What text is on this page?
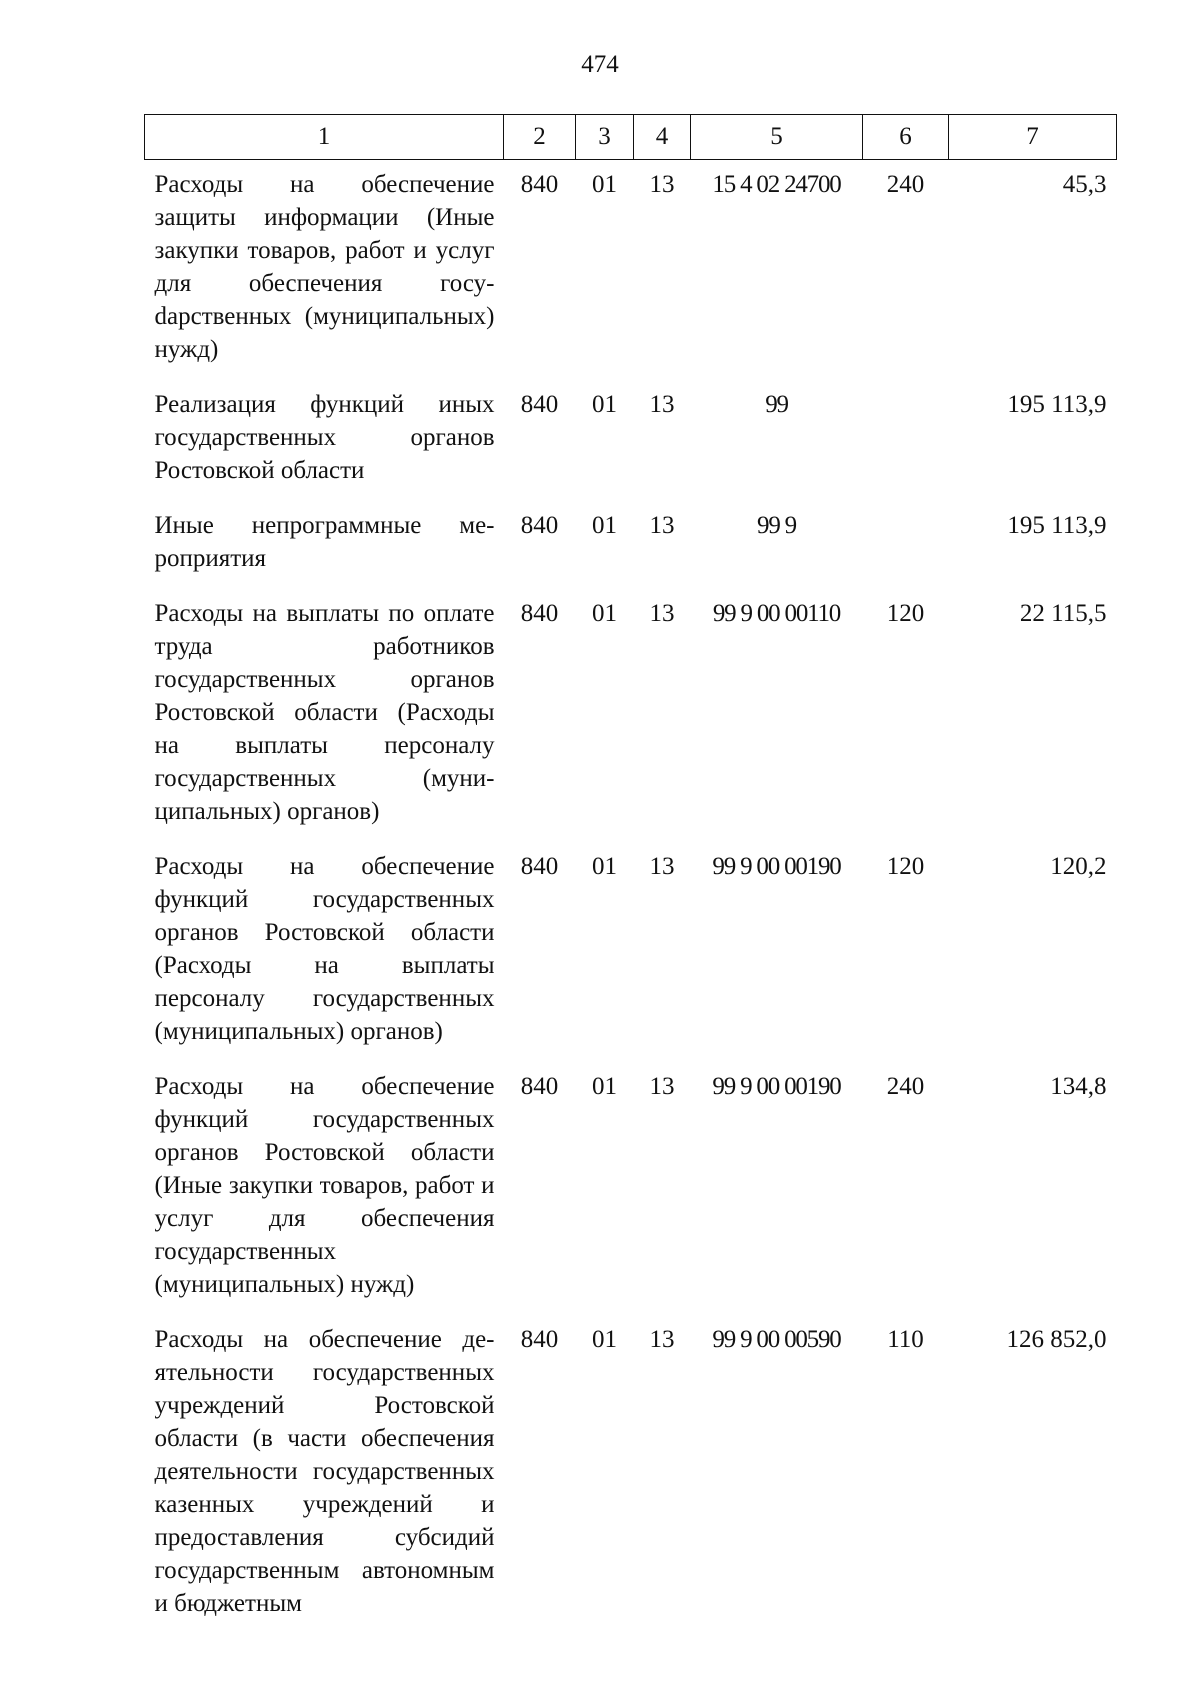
474
1	2	3	4	5	6	7
Расходы на обеспечение защиты информации (Иные закупки товаров, работ и услуг для обеспечения госуdарственных (муниципальных) нужд)	840	01	13	15 4 02 24700	240	45,3
Реализация функций иных государственных органов Ростовской области	840	01	13	99		195 113,9
Иные непрограммные мероприятия	840	01	13	99 9		195 113,9
Расходы на выплаты по оплате труда работников государственных органов Ростовской области (Расходы на выплаты персоналу государственных (муниципальных) органов)	840	01	13	99 9 00 00110	120	22 115,5
Расходы на обеспечение функций государственных органов Ростовской области (Расходы на выплаты персоналу государственных (муниципальных) органов)	840	01	13	99 9 00 00190	120	120,2
Расходы на обеспечение функций государственных органов Ростовской области (Иные закупки товаров, работ и услуг для обеспечения государственных (муниципальных) нужд)	840	01	13	99 9 00 00190	240	134,8
Расходы на обеспечение деятельности государственных учреждений Ростовской области (в части обеспечения деятельности государственных казенных учреждений и предоставления субсидий государственным автономным и бюджетным	840	01	13	99 9 00 00590	110	126 852,0
